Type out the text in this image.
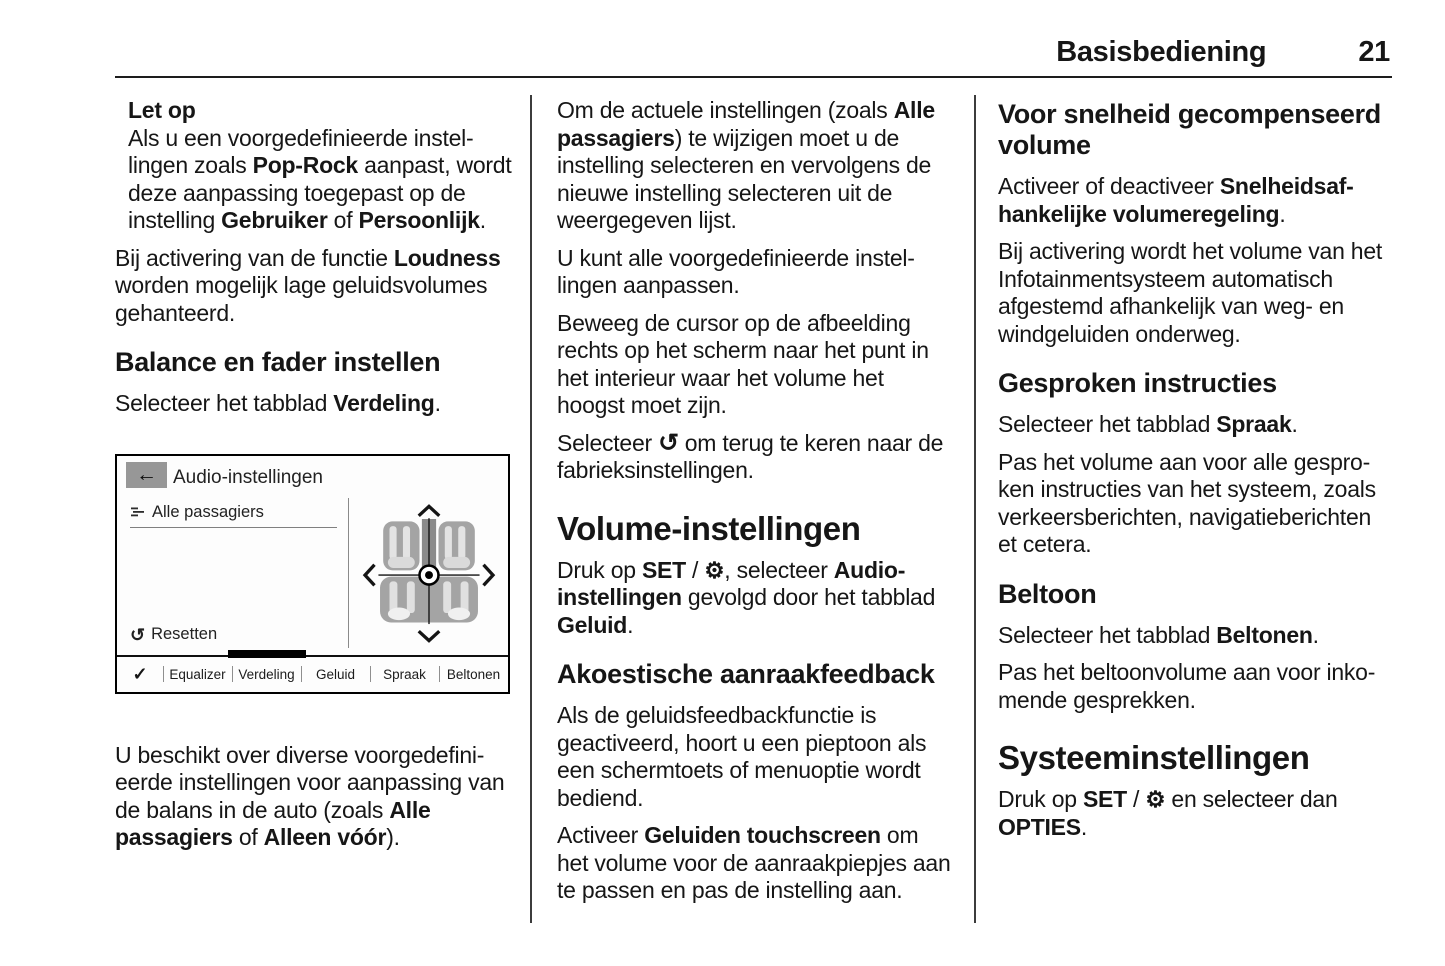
Basisbediening	21
Let op

Als u een voorgedefinieerde instellingen zoals Pop-Rock aanpast, wordt deze aanpassing toegepast op de instelling Gebruiker of Persoonlijk.

Bij activering van de functie Loudness worden mogelijk lage geluidsvolumes gehanteerd.

Balance en fader instellen

Selecteer het tabblad Verdeling.

← Audio-instellingen
Alle passagiers
↺ Resetten
✓	Equalizer Verdeling	Geluid	Spraak	Beltonen

U beschikt over diverse voorgedefinieerde instellingen voor aanpassing van de balans in de auto (zoals Alle passagiers of Alleen vóór).

Om de actuele instellingen (zoals Alle passagiers) te wijzigen moet u de instelling selecteren en vervolgens de nieuwe instelling selecteren uit de weergegeven lijst.

U kunt alle voorgedefinieerde instellingen aanpassen.

Beweeg de cursor op de afbeelding rechts op het scherm naar het punt in het interieur waar het volume het hoogst moet zijn.

Selecteer ↺ om terug te keren naar de fabrieksinstellingen.

Volume-instellingen

Druk op SET / ⚙, selecteer Audio-instellingen gevolgd door het tabblad Geluid.

Akoestische aanraakfeedback

Als de geluidsfeedbackfunctie is geactiveerd, hoort u een pieptoon als een schermtoets of menuoptie wordt bediend.

Activeer Geluiden touchscreen om het volume voor de aanraakpiepjes aan te passen en pas de instelling aan.

Voor snelheid gecompenseerd volume

Activeer of deactiveer Snelheidsafhankelijke volumeregeling.

Bij activering wordt het volume van het Infotainmentsysteem automatisch afgestemd afhankelijk van weg- en windgeluiden onderweg.

Gesproken instructies

Selecteer het tabblad Spraak.

Pas het volume aan voor alle gesproken instructies van het systeem, zoals verkeersberichten, navigatieberichten et cetera.

Beltoon

Selecteer het tabblad Beltonen.

Pas het beltoonvolume aan voor inkomende gesprekken.

Systeeminstellingen

Druk op SET / ⚙ en selecteer dan OPTIES.
